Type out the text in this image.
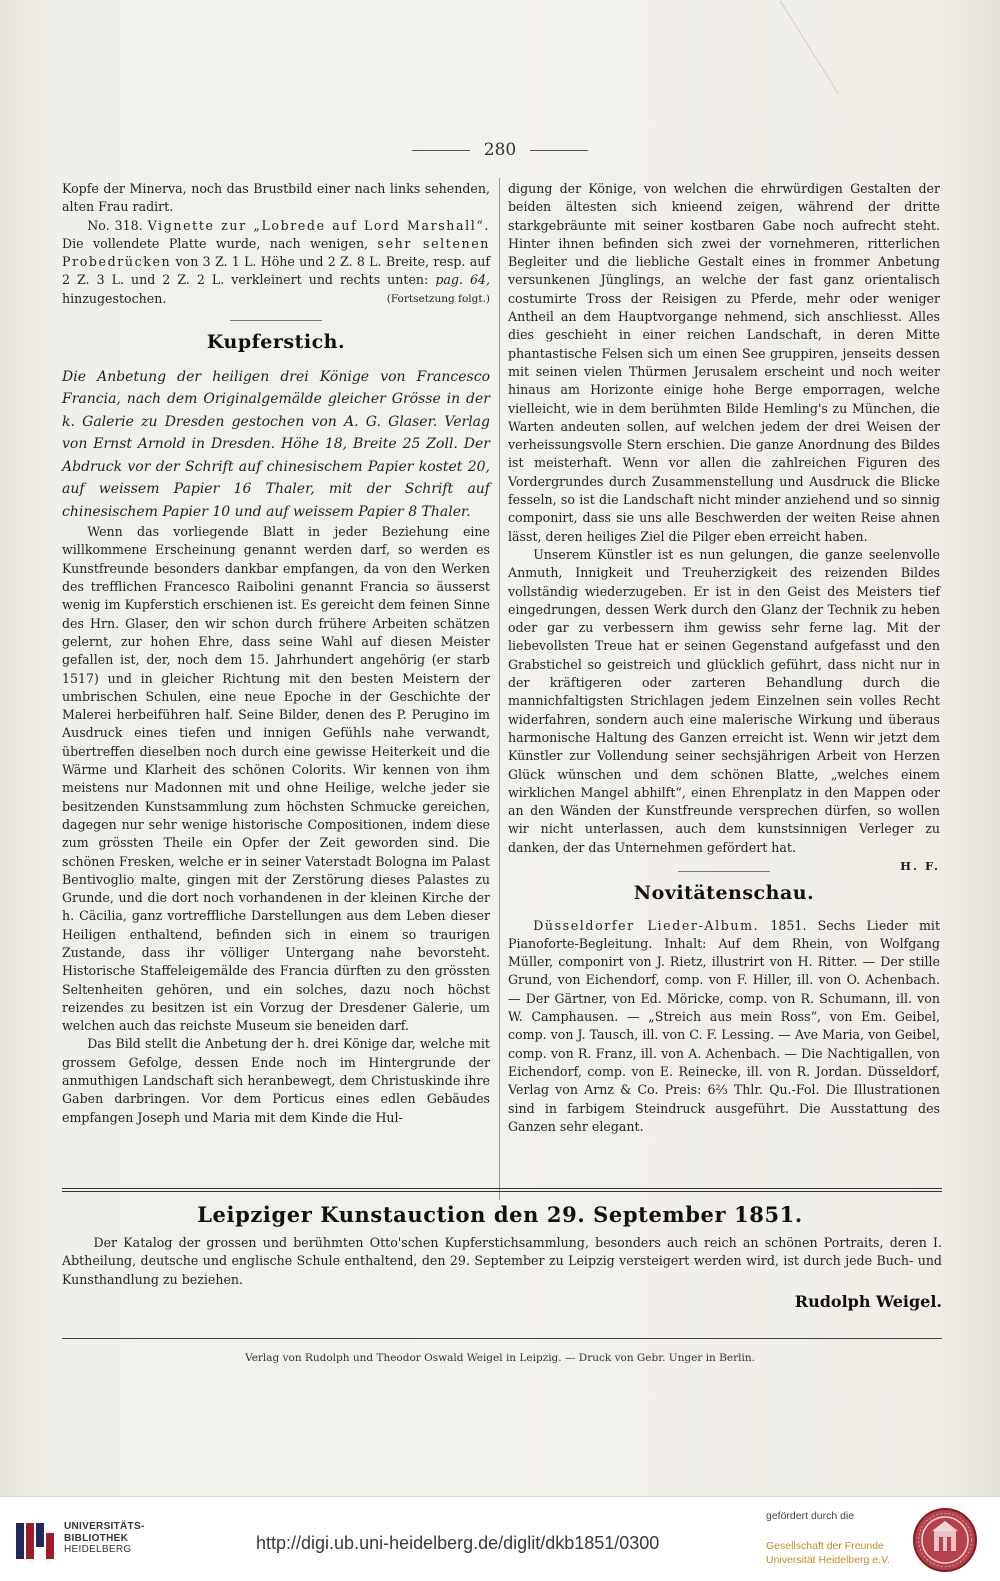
280

Kopfe der Minerva, noch das Brustbild einer nach links sehenden, alten Frau radirt.

No. 318. Vignette zur „Lobrede auf Lord Marshall“. Die vollendete Platte wurde, nach wenigen, sehr seltenen Probedrücken von 3 Z. 1 L. Höhe und 2 Z. 8 L. Breite, resp. auf 2 Z. 3 L. und 2 Z. 2 L. verkleinert und rechts unten: pag. 64, hinzugestochen.	(Fortsetzung folgt.)

Kupferstich.

Die Anbetung der heiligen drei Könige von Francesco Francia, nach dem Originalgemälde gleicher Grösse in der k. Galerie zu Dresden gestochen von A. G. Glaser. Verlag von Ernst Arnold in Dresden. Höhe 18, Breite 25 Zoll. Der Abdruck vor der Schrift auf chinesischem Papier kostet 20, auf weissem Papier 16 Thaler, mit der Schrift auf chinesischem Papier 10 und auf weissem Papier 8 Thaler.

Wenn das vorliegende Blatt in jeder Beziehung eine willkommene Erscheinung genannt werden darf, so werden es Kunstfreunde besonders dankbar empfangen, da von den Werken des trefflichen Francesco Raibolini genannt Francia so äusserst wenig im Kupferstich erschienen ist. Es gereicht dem feinen Sinne des Hrn. Glaser, den wir schon durch frühere Arbeiten schätzen gelernt, zur hohen Ehre, dass seine Wahl auf diesen Meister gefallen ist, der, noch dem 15. Jahrhundert angehörig (er starb 1517) und in gleicher Richtung mit den besten Meistern der umbrischen Schulen, eine neue Epoche in der Geschichte der Malerei herbeiführen half. Seine Bilder, denen des P. Perugino im Ausdruck eines tiefen und innigen Gefühls nahe verwandt, übertreffen dieselben noch durch eine gewisse Heiterkeit und die Wärme und Klarheit des schönen Colorits. Wir kennen von ihm meistens nur Madonnen mit und ohne Heilige, welche jeder sie besitzenden Kunstsammlung zum höchsten Schmucke gereichen, dagegen nur sehr wenige historische Compositionen, indem diese zum grössten Theile ein Opfer der Zeit geworden sind. Die schönen Fresken, welche er in seiner Vaterstadt Bologna im Palast Bentivoglio malte, gingen mit der Zerstörung dieses Palastes zu Grunde, und die dort noch vorhandenen in der kleinen Kirche der h. Cäcilia, ganz vortreffliche Darstellungen aus dem Leben dieser Heiligen enthaltend, befinden sich in einem so traurigen Zustande, dass ihr völliger Untergang nahe bevorsteht. Historische Staffeleigemälde des Francia dürften zu den grössten Seltenheiten gehören, und ein solches, dazu noch höchst reizendes zu besitzen ist ein Vorzug der Dresdener Galerie, um welchen auch das reichste Museum sie beneiden darf.

Das Bild stellt die Anbetung der h. drei Könige dar, welche mit grossem Gefolge, dessen Ende noch im Hintergrunde der anmuthigen Landschaft sich heranbewegt, dem Christuskinde ihre Gaben darbringen. Vor dem Porticus eines edlen Gebäudes empfangen Joseph und Maria mit dem Kinde die Hul-

digung der Könige, von welchen die ehrwürdigen Gestalten der beiden ältesten sich knieend zeigen, während der dritte starkgebräunte mit seiner kostbaren Gabe noch aufrecht steht. Hinter ihnen befinden sich zwei der vornehmeren, ritterlichen Begleiter und die liebliche Gestalt eines in frommer Anbetung versunkenen Jünglings, an welche der fast ganz orientalisch costumirte Tross der Reisigen zu Pferde, mehr oder weniger Antheil an dem Hauptvorgange nehmend, sich anschliesst. Alles dies geschieht in einer reichen Landschaft, in deren Mitte phantastische Felsen sich um einen See gruppiren, jenseits dessen mit seinen vielen Thürmen Jerusalem erscheint und noch weiter hinaus am Horizonte einige hohe Berge emporragen, welche vielleicht, wie in dem berühmten Bilde Hemling's zu München, die Warten andeuten sollen, auf welchen jedem der drei Weisen der verheissungsvolle Stern erschien. Die ganze Anordnung des Bildes ist meisterhaft. Wenn vor allen die zahlreichen Figuren des Vordergrundes durch Zusammenstellung und Ausdruck die Blicke fesseln, so ist die Landschaft nicht minder anziehend und so sinnig componirt, dass sie uns alle Beschwerden der weiten Reise ahnen lässt, deren heiliges Ziel die Pilger eben erreicht haben.

Unserem Künstler ist es nun gelungen, die ganze seelenvolle Anmuth, Innigkeit und Treuherzigkeit des reizenden Bildes vollständig wiederzugeben. Er ist in den Geist des Meisters tief eingedrungen, dessen Werk durch den Glanz der Technik zu heben oder gar zu verbessern ihm gewiss sehr ferne lag. Mit der liebevollsten Treue hat er seinen Gegenstand aufgefasst und den Grabstichel so geistreich und glücklich geführt, dass nicht nur in der kräftigeren oder zarteren Behandlung durch die mannichfaltigsten Strichlagen jedem Einzelnen sein volles Recht widerfahren, sondern auch eine malerische Wirkung und überaus harmonische Haltung des Ganzen erreicht ist. Wenn wir jetzt dem Künstler zur Vollendung seiner sechsjährigen Arbeit von Herzen Glück wünschen und dem schönen Blatte, „welches einem wirklichen Mangel abhilft“, einen Ehrenplatz in den Mappen oder an den Wänden der Kunstfreunde versprechen dürfen, so wollen wir nicht unterlassen, auch dem kunstsinnigen Verleger zu danken, der das Unternehmen gefördert hat.

H. F.

Novitätenschau.

Düsseldorfer Lieder-Album. 1851. Sechs Lieder mit Pianoforte-Begleitung. Inhalt: Auf dem Rhein, von Wolfgang Müller, componirt von J. Rietz, illustrirt von H. Ritter. — Der stille Grund, von Eichendorf, comp. von F. Hiller, ill. von O. Achenbach. — Der Gärtner, von Ed. Möricke, comp. von R. Schumann, ill. von W. Camphausen. — „Streich aus mein Ross“, von Em. Geibel, comp. von J. Tausch, ill. von C. F. Lessing. — Ave Maria, von Geibel, comp. von R. Franz, ill. von A. Achenbach. — Die Nachtigallen, von Eichendorf, comp. von E. Reinecke, ill. von R. Jordan. Düsseldorf, Verlag von Arnz & Co. Preis: 6⅔ Thlr. Qu.-Fol. Die Illustrationen sind in farbigem Steindruck ausgeführt. Die Ausstattung des Ganzen sehr elegant.

Leipziger Kunstauction den 29. September 1851.

Der Katalog der grossen und berühmten Otto'schen Kupferstichsammlung, besonders auch reich an schönen Portraits, deren I. Abtheilung, deutsche und englische Schule enthaltend, den 29. September zu Leipzig versteigert werden wird, ist durch jede Buch- und Kunsthandlung zu beziehen.

Rudolph Weigel.
Verlag von Rudolph und Theodor Oswald Weigel in Leipzig. — Druck von Gebr. Unger in Berlin.
UNIVERSITÄTS-
BIBLIOTHEK
HEIDELBERG	http://digi.ub.uni-heidelberg.de/diglit/dkb1851/0300
gefördert durch die
Gesellschaft der Freunde
Universität Heidelberg e.V.
